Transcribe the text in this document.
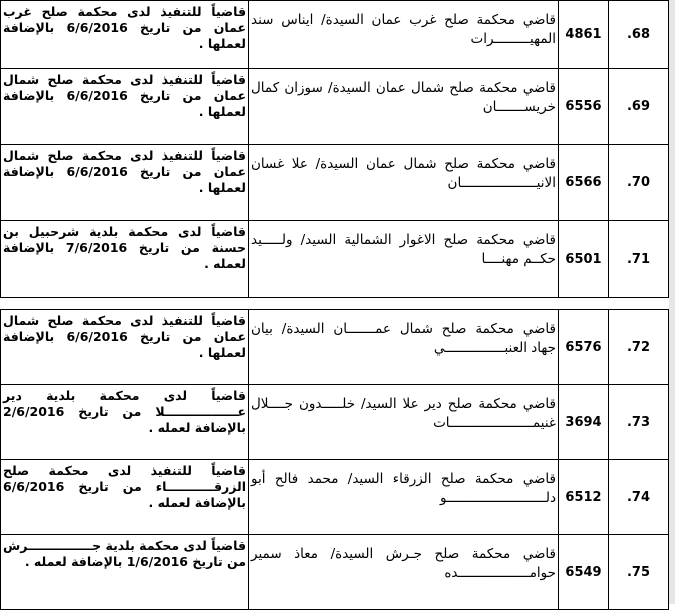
قاضياً للتنفيذ لدى محكمة صلح غرب عمان من تاريخ 6/6/2016 بالإضافة لعملها .	قاضي محكمة صلح غرب عمان السيدة/ ايناس سند المهيـــــــــرات	4861	.68
قاضياً للتنفيذ لدى محكمة صلح شمال عمان من تاريخ 6/6/2016 بالإضافة لعملها .	قاضي محكمة صلح شمال عمان السيدة/ سوزان كمال خريســـــــان	6556	.69
قاضياً للتنفيذ لدى محكمة صلح شمال عمان من تاريخ 6/6/2016 بالإضافة لعملها .	قاضي محكمة صلح شمال عمان السيدة/ علا غسان الانيـــــــــــــــــــان	6566	.70
قاضياً لدى محكمة بلدية شرحبيل بن حسنة من تاريخ 7/6/2016 بالإضافة لعمله .	قاضي محكمة صلح الاغوار الشمالية السيد/ ولـــــيد حكــم مهنــــا	6501	.71
قاضياً للتنفيذ لدى محكمة صلح شمال عمان من تاريخ 6/6/2016 بالإضافة لعملها .	قاضي محكمة صلح شمال عمـــــــان السيدة/ بيان جهاد العنبـــــــــــــــي	6576	.72
قاضياً لدى محكمة بلدية دير عـــــــــــــــــلا من تاريخ 2/6/2016 بالإضافة لعمله .	قاضي محكمة صلح دير علا السيد/ خلـــــدون جــــلال غنيمـــــــــــــــــــــات	3694	.73
قاضياً للتنفيذ لدى محكمة صلح الزرقـــــــــــاء من تاريخ 6/6/2016 بالإضافة لعمله .	قاضي محكمة صلح الزرقاء السيد/ محمد فالح أبو دلـــــــــــــــــــــــــو	6512	.74
قاضياً لدى محكمة بلدية جـــــــــــــــرش من تاريخ 1/6/2016 بالإضافة لعمله .	قاضي محكمة صلح جـرش السيدة/ معاذ سمير حوامــــــــــــــــــده	6549	.75
